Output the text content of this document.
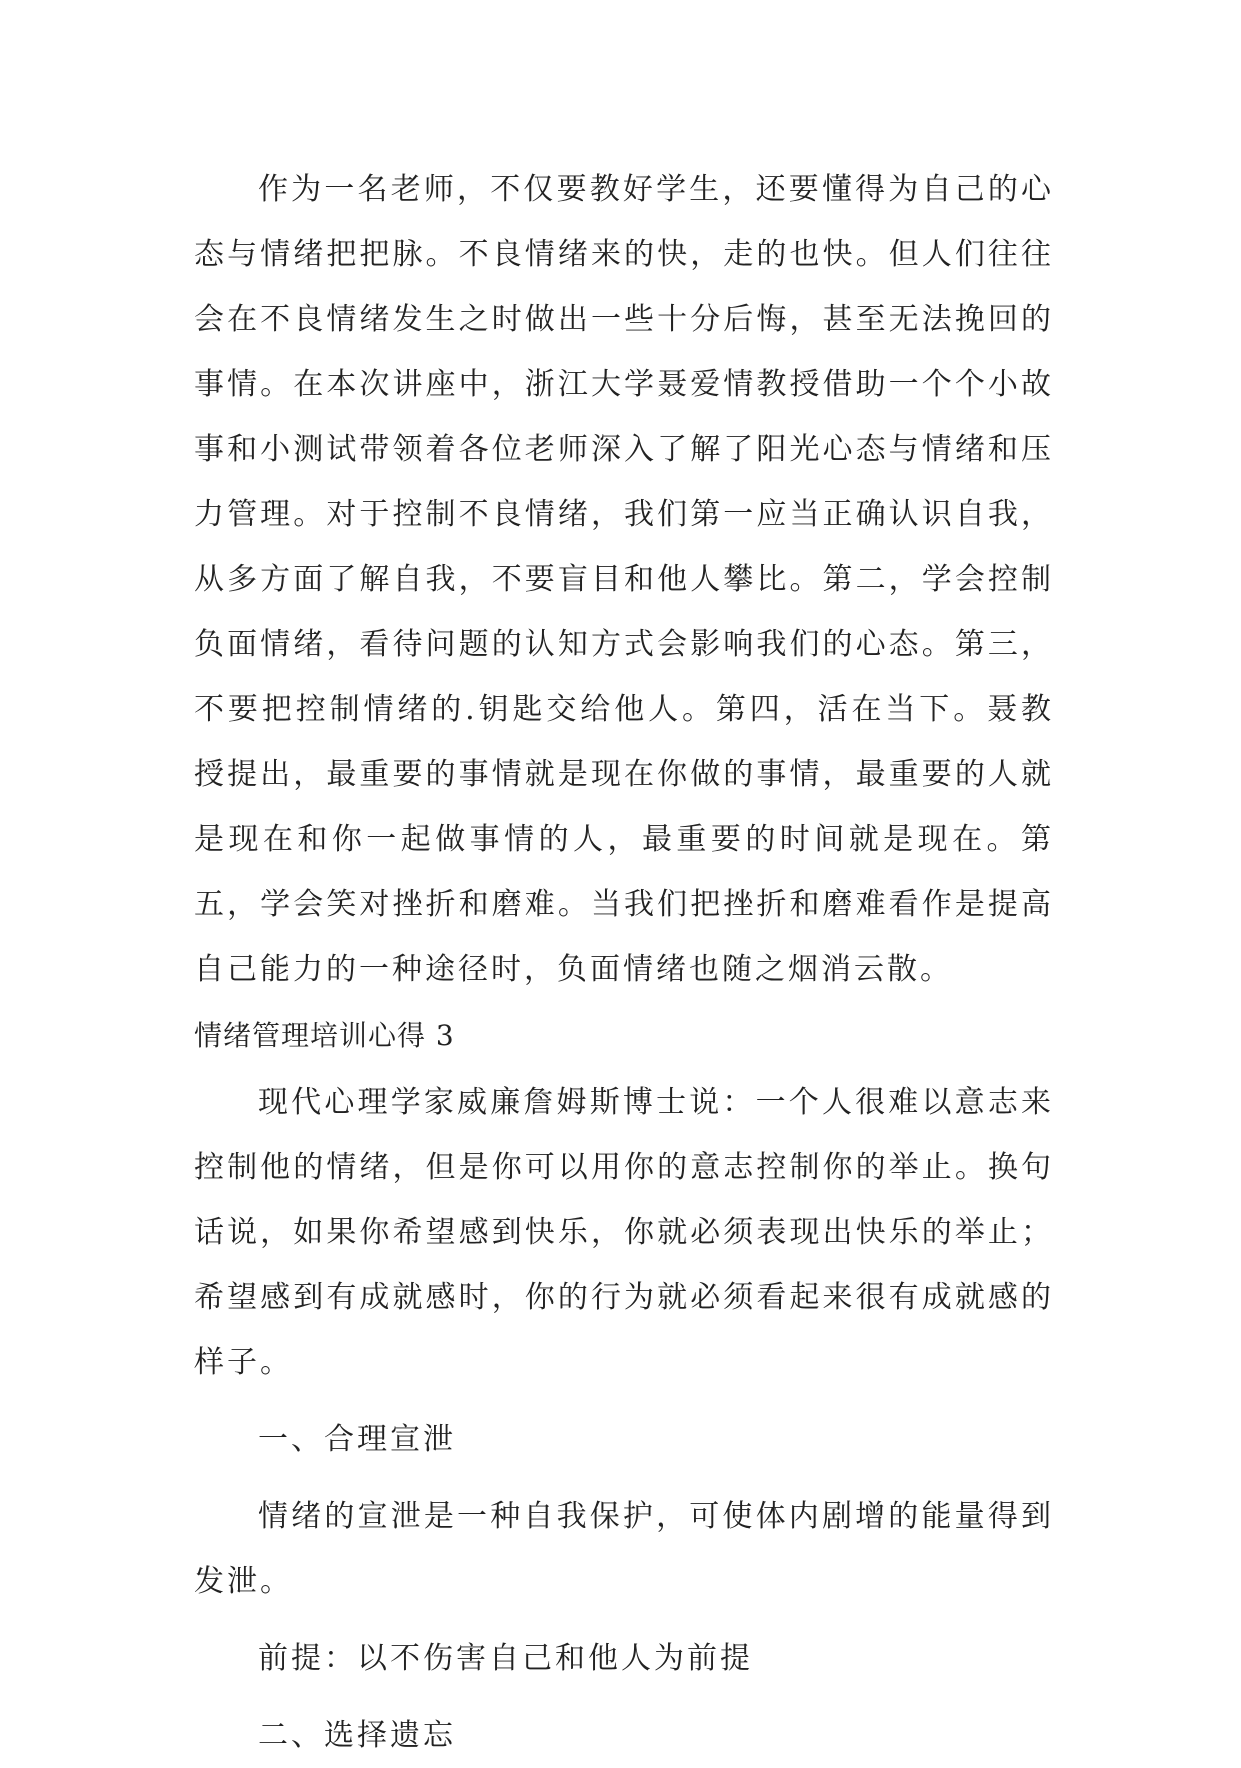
作为一名老师，不仅要教好学生，还要懂得为自己的心态与情绪把把脉。不良情绪来的快，走的也快。但人们往往会在不良情绪发生之时做出一些十分后悔，甚至无法挽回的事情。在本次讲座中，浙江大学聂爱情教授借助一个个小故事和小测试带领着各位老师深入了解了阳光心态与情绪和压力管理。对于控制不良情绪，我们第一应当正确认识自我，从多方面了解自我，不要盲目和他人攀比。第二，学会控制负面情绪，看待问题的认知方式会影响我们的心态。第三，不要把控制情绪的.钥匙交给他人。第四，活在当下。聂教授提出，最重要的事情就是现在你做的事情，最重要的人就是现在和你一起做事情的人，最重要的时间就是现在。第五，学会笑对挫折和磨难。当我们把挫折和磨难看作是提高自己能力的一种途径时，负面情绪也随之烟消云散。

情绪管理培训心得 3

现代心理学家威廉詹姆斯博士说：一个人很难以意志来控制他的情绪，但是你可以用你的意志控制你的举止。换句话说，如果你希望感到快乐，你就必须表现出快乐的举止；希望感到有成就感时，你的行为就必须看起来很有成就感的样子。

一、合理宣泄

情绪的宣泄是一种自我保护，可使体内剧增的能量得到发泄。

前提：以不伤害自己和他人为前提

二、选择遗忘
